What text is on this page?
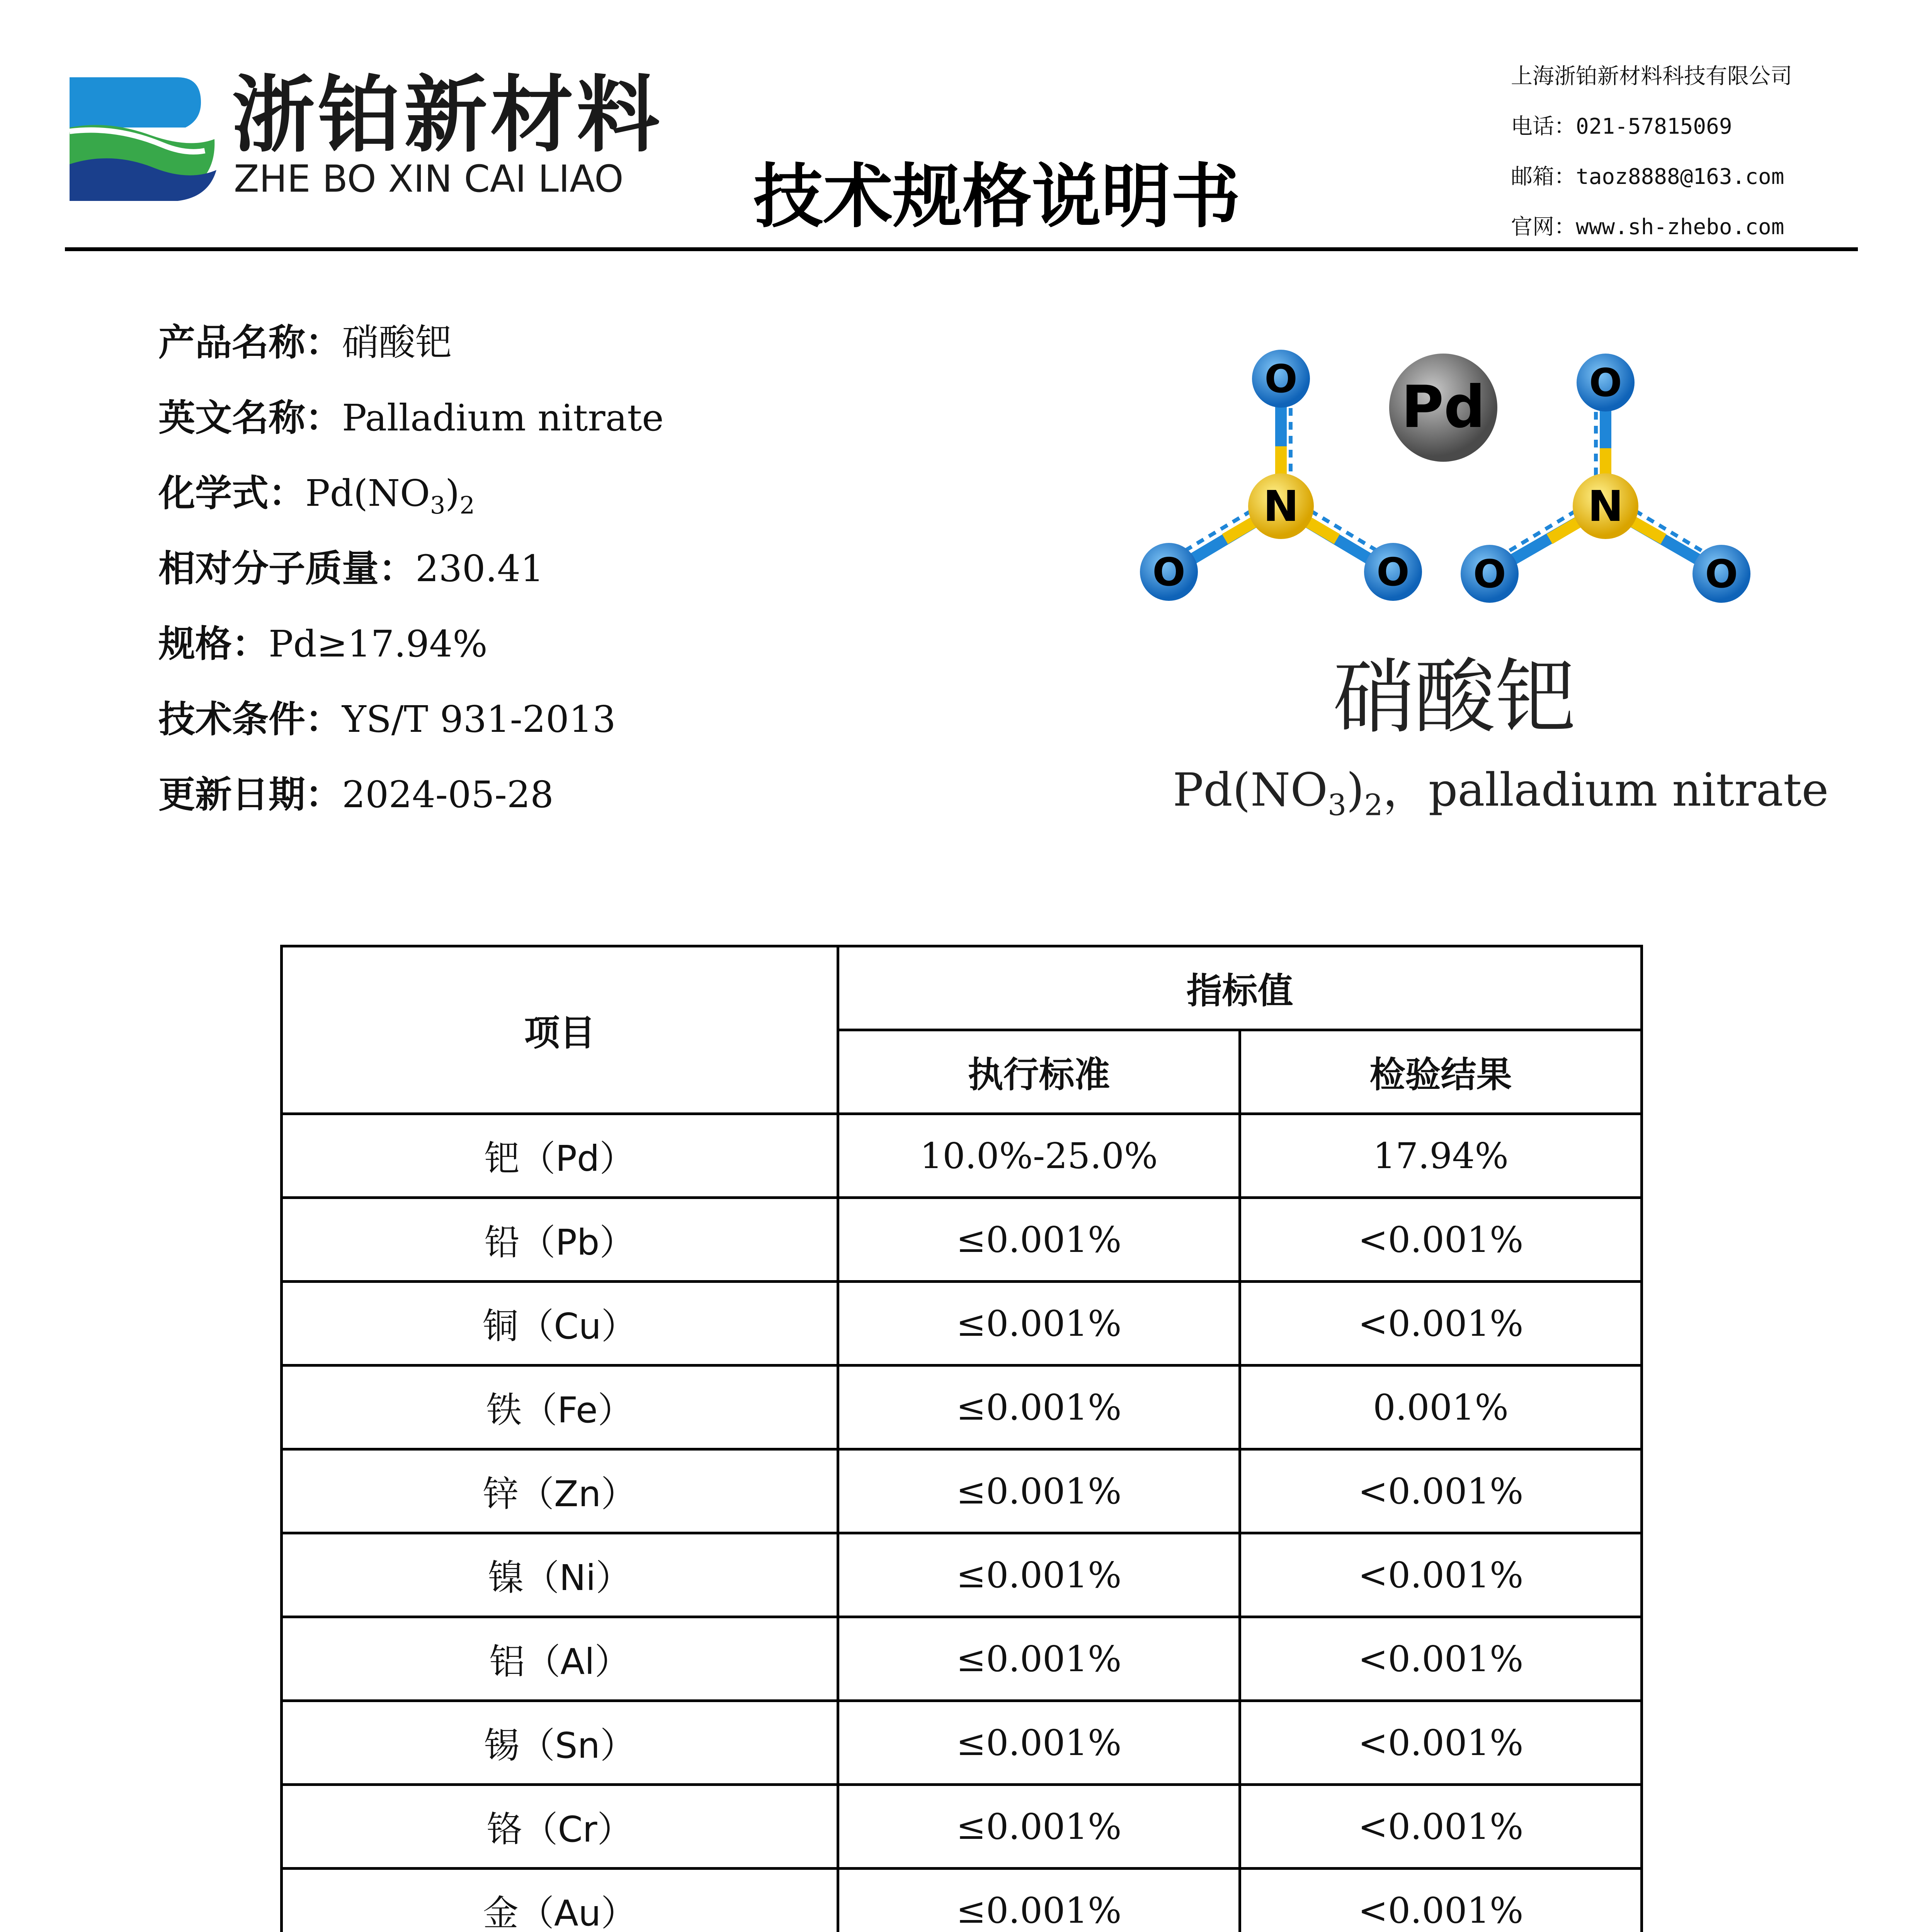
浙铂新材料
ZHE BO XIN CAI LIAO 技术规格说明书
上海浙铂新材料科技有限公司
电话：021-57815069
邮箱：taoz8888@163.com
官网：www.sh-zhebo.com
产品名称：硝酸钯
英文名称：Palladium nitrate
化学式：$Pd(NO_3)_2$
相对分子质量：230.41
规格：Pd≥17.94%
技术条件：YS/T 931-2013
更新日期：2024-05-28
Pd
O
N
O	O
O
N
O	O
硝酸钯
$Pd(NO_3)_2$，palladium nitrate
项目	指标值	
	执行标准	检验结果
钯（Pd）	10.0%-25.0%	17.94%
铅（Pb）	≤0.001%	<0.001%
铜（Cu）	≤0.001%	<0.001%
铁（Fe）	≤0.001%	0.001%
锌（Zn）	≤0.001%	<0.001%
镍（Ni）	≤0.001%	<0.001%
铝（Al）	≤0.001%	<0.001%
锡（Sn）	≤0.001%	<0.001%
铬（Cr）	≤0.001%	<0.001%
金（Au）	≤0.001%	<0.001%
